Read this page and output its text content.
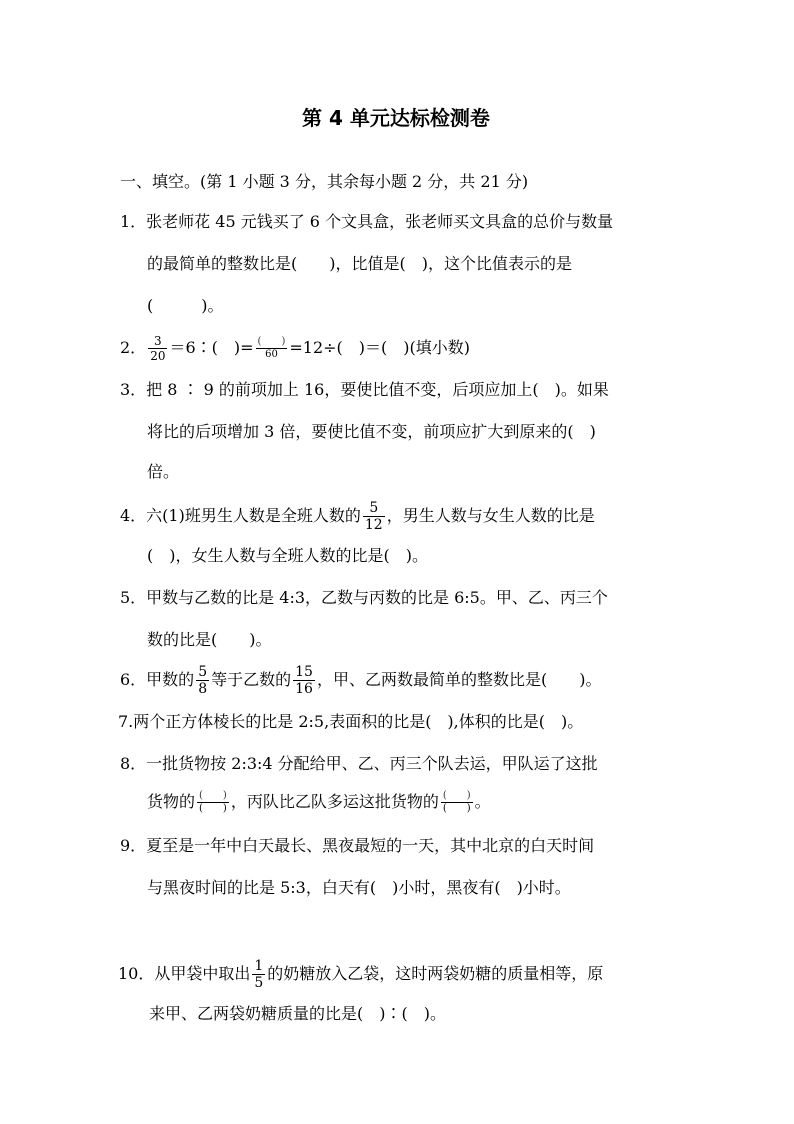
第 4 单元达标检测卷
一、填空。(第 1 小题 3 分，其余每小题 2 分，共 21 分)
1．张老师花 45 元钱买了 6 个文具盒，张老师买文具盒的总价与数量
的最简单的整数比是(　　)，比值是(　)，这个比值表示的是
(　　　)。
2． $\frac{3}{20}$ ＝6∶(　)= $\frac{( )}{60} =12\div$(　)＝(　)(填小数)
3．把 8 ∶ 9 的前项加上 16，要使比值不变，后项应加上(　)。如果
将比的后项增加 3 倍，要使比值不变，前项应扩大到原来的(　)
倍。
4．六(1)班男生人数是全班人数的 $\frac{5}{12}$ ，男生人数与女生人数的比是
(　)，女生人数与全班人数的比是(　)。
5．甲数与乙数的比是 4:3，乙数与丙数的比是 6:5。甲、乙、丙三个
数的比是(　　)。
6．甲数的 $\frac{5}{8}$ 等于乙数的 $\frac{15}{16}$ ，甲、乙两数最简单的整数比是(　　)。
7.两个正方体棱长的比是 2:5,表面积的比是(　),体积的比是(　)。
8．一批货物按 2:3:4 分配给甲、乙、丙三个队去运，甲队运了这批
货物的 $\frac{( )}{( )}$ ，丙队比乙队多运这批货物的 $\frac{( )}{( )}$ 。
9．夏至是一年中白天最长、黑夜最短的一天，其中北京的白天时间
与黑夜时间的比是 5:3，白天有(　)小时，黑夜有(　)小时。
10．从甲袋中取出 $\frac{1}{5}$ 的奶糖放入乙袋，这时两袋奶糖的质量相等，原
来甲、乙两袋奶糖质量的比是(　)∶(　)。
